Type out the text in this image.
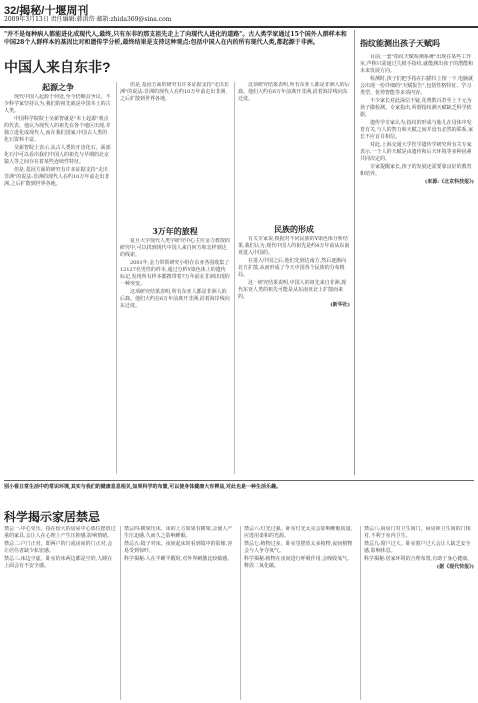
32/揭秘/十堰周刊
2009年3月13日 责任编辑:韩洪岱 邮箱:zhida369@sina.com
"并不是每种病人都能进化成现代人,最终,只有东非的那支祖先走上了向现代人进化的道路"。古人类学家通过15个国外人群样本和中国28个人群样本的基因比对和遗传学分析,最终结果是支持这种观点:包括中国人在内的所有现代人类,都起源于非洲。
中国人来自东非?
起源之争

现代中国人起源于何处,至今仍颇具争议。不少科学家坚持认为,我们的祖先就是中国本土的古人类。

中国科学院院士吴新智就是"本土起源"观点的代表。他认为现代人的祖先在各个地区出现,并独立进化成现代人,而在我们国家,中国古人类的化石资料丰富。

吴新智院士表示,从古人类的牙齿化石、面部化石中可以看出我们中国人的祖先与早期的北京猿人等之间存在着某些连续性特征。

但是,基因方面的研究有许多证据支持"走出非洲"的说法:非洲的现代人在约10万年前走出非洲,之后扩散到世界各地。

但是,基因方面的研究有许多证据支持"走出非洲"的说法:非洲的现代人在约10万年前走出非洲,之后扩散到世界各地。

3万年的旅程

复旦大学现代人类学研究中心主任金力教授的研究中,可以找到现代中国人来自何方和怎样到达的线索。

2001年,金力带领研究小组在东亚各国收集了12127名男性的样本,通过分析Y染色体上的遗传标记,发现所有样本都携带着7万年前在非洲出现的一种突变。

这项研究结果表明,所有东亚人都是非洲人的后裔。他们大约在6万年前离开非洲,沿着海岸线向东迁徙。

这项研究结果表明,所有东亚人都是非洲人的后裔。他们大约在6万年前离开非洲,沿着海岸线向东迁徙。

民族的形成

有关专家说,根据对不同民族的Y染色体分析结果,我们认为,现代中国人的祖先是约4万年前从东南亚进入中国的。

在进入中国之后,他们先到达南方,然后逐渐向北方扩散,从而形成了今天中国各个民族的分布格局。

这一研究结果说明,中国人的祖先来自非洲,现代东亚人类的祖先可能是从东南亚北上扩散而来的。

(新华社)

指纹能测出孩子天赋吗

目前,一套"指纹天赋检测系统"出现在某些工作室,声称只需通过几根手指纹,就能测出孩子的潜能和未来发展方向。

检测时,孩子们把手指在扫描仪上按一下,电脑就会出现一份详细的"天赋报告",包括性格特征、学习类型、优势智能等多项内容。

不少家长对此深信不疑,花费数百甚至上千元为孩子做检测。专家指出,所谓指纹测天赋缺乏科学依据。

遗传学专家认为,指纹的形成与胎儿在母体中发育有关,与人的智力和天赋之间并没有必然的联系,家长不应盲目相信。

对此,上海交通大学医学遗传学研究所有关专家表示,一个人的天赋是由遗传和后天环境等多种因素共同决定的。

专家提醒家长,孩子的发展还需要靠良好的教育和培养。

(来源:《北京科技报》)

别小看日常生活中的常识环境,其实与我们的健康息息相关,如果科学的布置,可以使身体健康大有裨益,对此也是一种生活乐趣。
科学揭示家居禁忌

禁忌一:中心受压。指在较大的房屋中心部位摆放过重的家具,会让人在心理上产生压抑感,影响情绪。

禁忌二:户门正对。即两户的门或房间的门正对,会让居住者缺少私密感。

禁忌三:床边空虚。卧室的床两边都是空的,人睡在上面会有不安全感。

禁忌四:横梁压床。床的上方如果有横梁,会使人产生压迫感,久而久之影响睡眠。

禁忌五:镜子对床。夜间起床时看到镜中的影像,容易受到惊吓。

科学揭秘:人在半睡半醒时,对外界刺激比较敏感。

禁忌六:灯光过强。卧室灯光太亮会影响睡眠质量,应选用柔和的光源。

禁忌七:植物过多。卧室里摆放太多植物,夜间植物会与人争夺氧气。

科学揭秘:植物在夜间进行呼吸作用,会吸收氧气、释放二氧化碳。

禁忌八:厨房门对卫生间门。厨房和卫生间的门相对,不利于室内卫生。

禁忌九:窗户过大。卧室窗户过大会让人缺乏安全感,影响休息。

科学揭秘:居家环境的合理布置,有助于身心健康。

(据《现代快报》)
